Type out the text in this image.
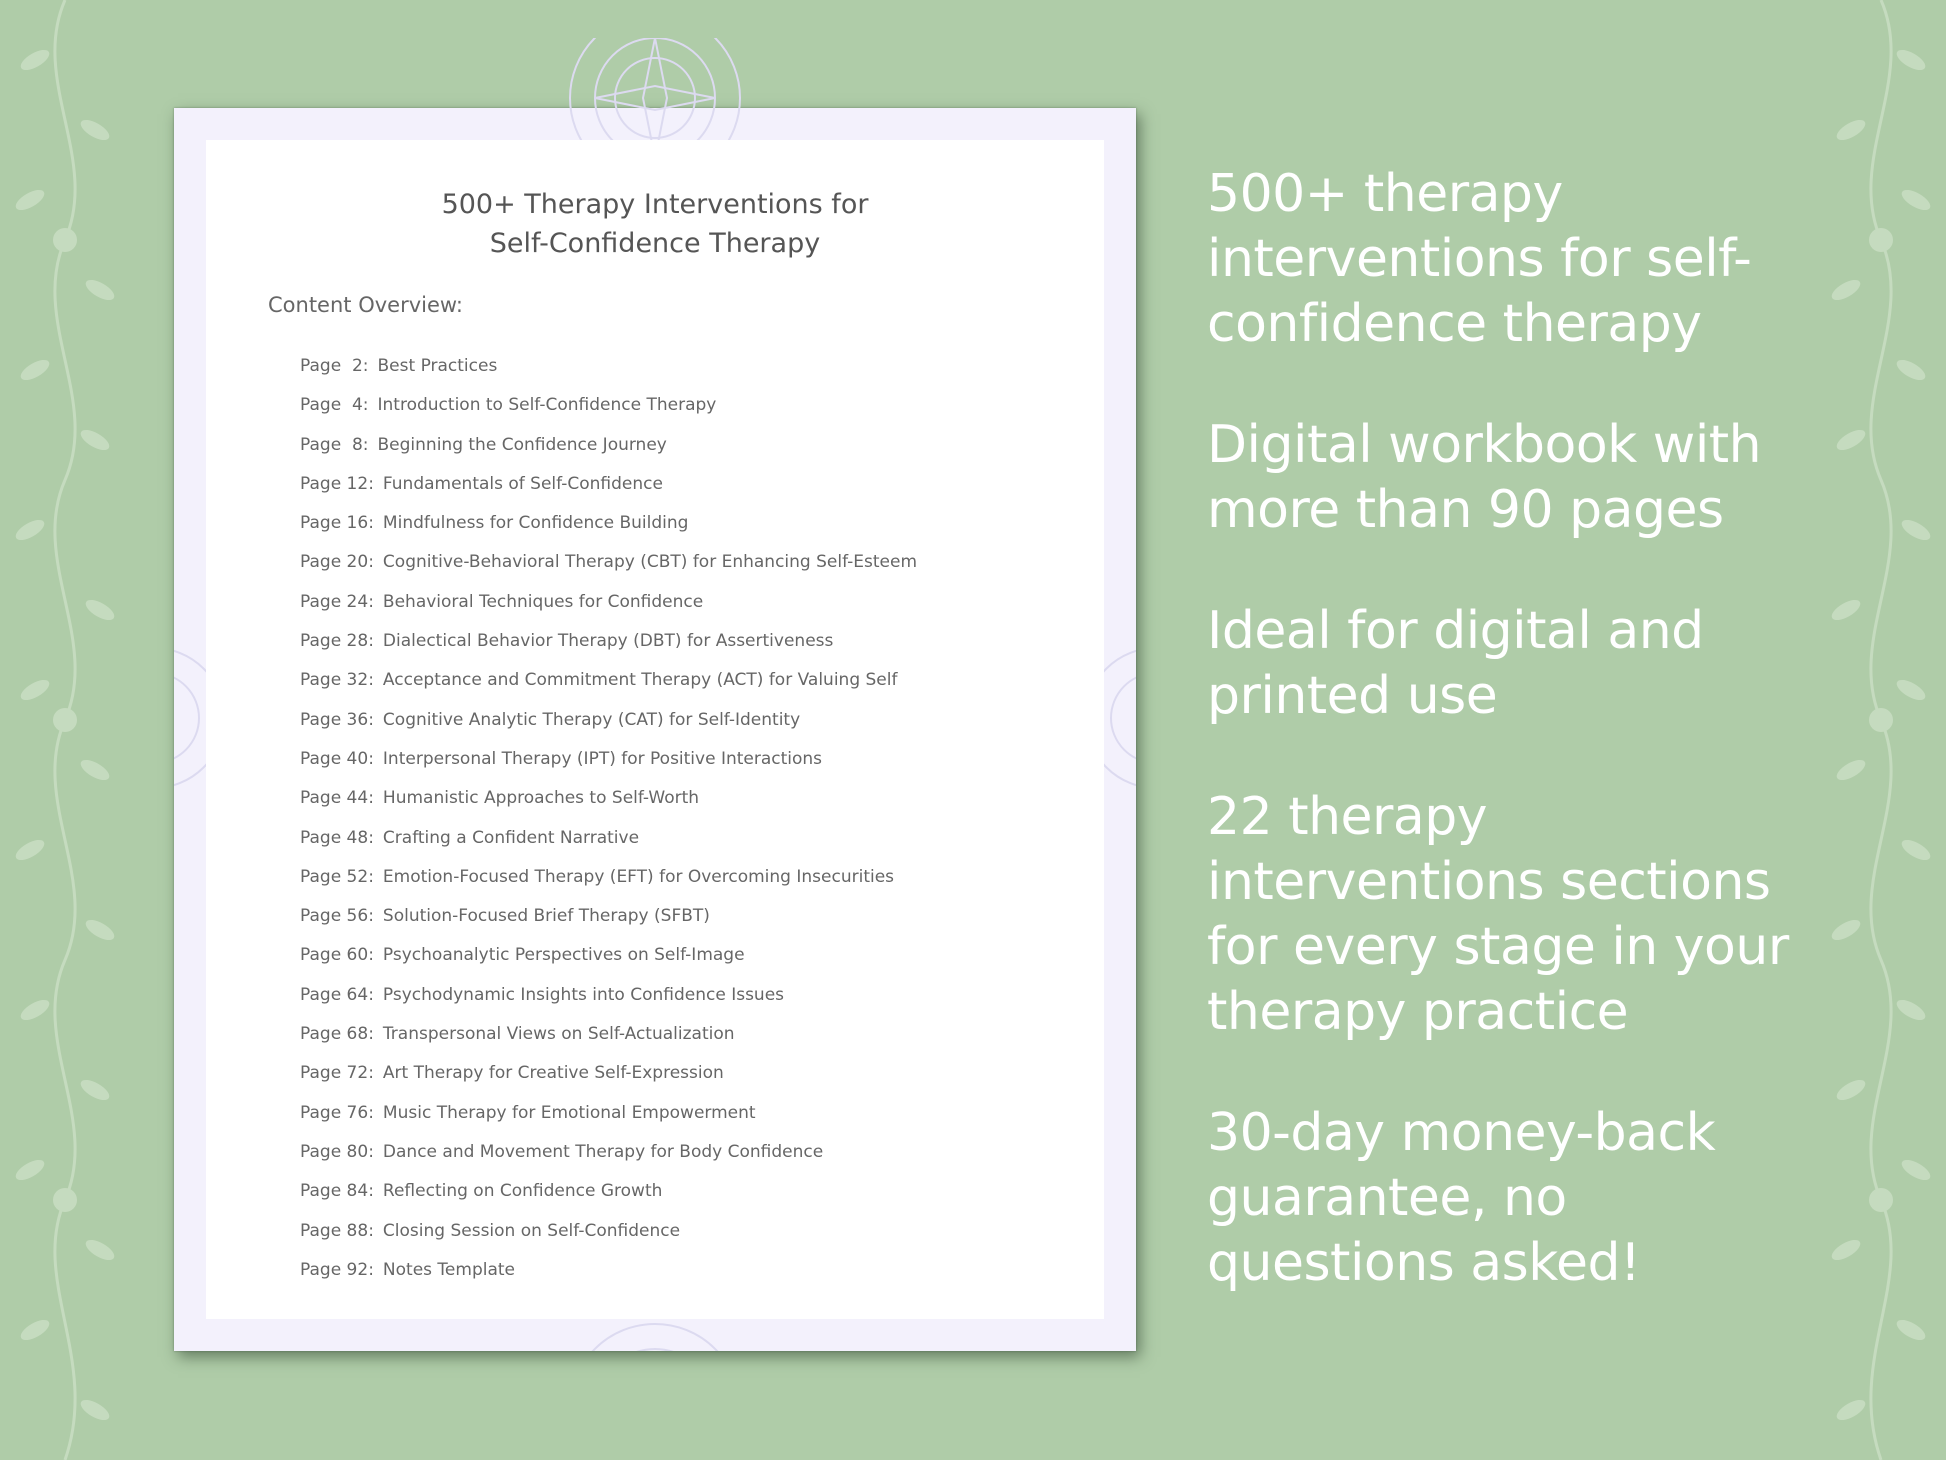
500+ Therapy Interventions for
Self-Confidence Therapy
Content Overview:
Page  2: Best Practices
Page  4: Introduction to Self-Confidence Therapy
Page  8: Beginning the Confidence Journey
Page 12: Fundamentals of Self-Confidence
Page 16: Mindfulness for Confidence Building
Page 20: Cognitive-Behavioral Therapy (CBT) for Enhancing Self-Esteem
Page 24: Behavioral Techniques for Confidence
Page 28: Dialectical Behavior Therapy (DBT) for Assertiveness
Page 32: Acceptance and Commitment Therapy (ACT) for Valuing Self
Page 36: Cognitive Analytic Therapy (CAT) for Self-Identity
Page 40: Interpersonal Therapy (IPT) for Positive Interactions
Page 44: Humanistic Approaches to Self-Worth
Page 48: Crafting a Confident Narrative
Page 52: Emotion-Focused Therapy (EFT) for Overcoming Insecurities
Page 56: Solution-Focused Brief Therapy (SFBT)
Page 60: Psychoanalytic Perspectives on Self-Image
Page 64: Psychodynamic Insights into Confidence Issues
Page 68: Transpersonal Views on Self-Actualization
Page 72: Art Therapy for Creative Self-Expression
Page 76: Music Therapy for Emotional Empowerment
Page 80: Dance and Movement Therapy for Body Confidence
Page 84: Reflecting on Confidence Growth
Page 88: Closing Session on Self-Confidence
Page 92: Notes Template
500+ therapy
interventions for self-
confidence therapy
Digital workbook with
more than 90 pages
Ideal for digital and
printed use
22 therapy
interventions sections
for every stage in your
therapy practice
30-day money-back
guarantee, no
questions asked!
